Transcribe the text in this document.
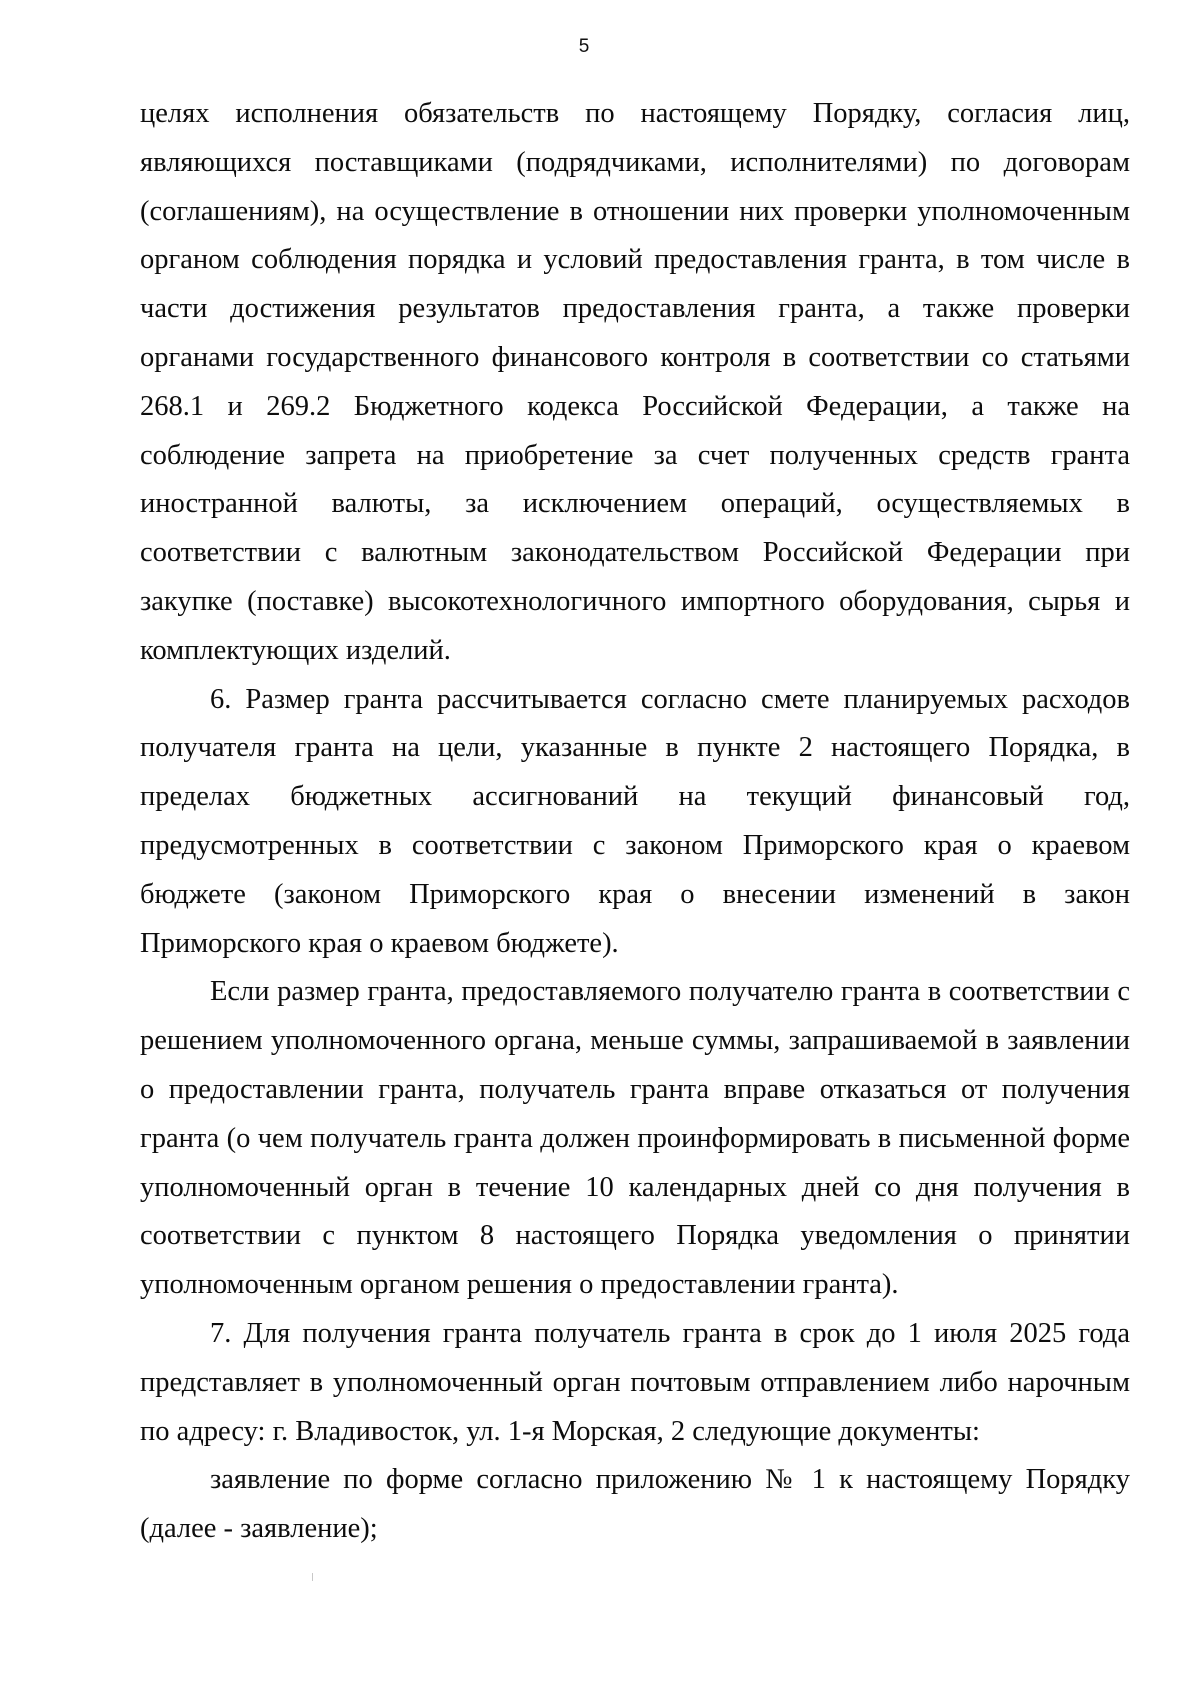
5

целях исполнения обязательств по настоящему Порядку, согласия лиц, являющихся поставщиками (подрядчиками, исполнителями) по договорам (соглашениям), на осуществление в отношении них проверки уполномоченным органом соблюдения порядка и условий предоставления гранта, в том числе в части достижения результатов предоставления гранта, а также проверки органами государственного финансового контроля в соответствии со статьями 268.1 и 269.2 Бюджетного кодекса Российской Федерации, а также на соблюдение запрета на приобретение за счет полученных средств гранта иностранной валюты, за исключением операций, осуществляемых в соответствии с валютным законодательством Российской Федерации при закупке (поставке) высокотехнологичного импортного оборудования, сырья и комплектующих изделий.

6. Размер гранта рассчитывается согласно смете планируемых расходов получателя гранта на цели, указанные в пункте 2 настоящего Порядка, в пределах бюджетных ассигнований на текущий финансовый год, предусмотренных в соответствии с законом Приморского края о краевом бюджете (законом Приморского края о внесении изменений в закон Приморского края о краевом бюджете).

Если размер гранта, предоставляемого получателю гранта в соответствии с решением уполномоченного органа, меньше суммы, запрашиваемой в заявлении о предоставлении гранта, получатель гранта вправе отказаться от получения гранта (о чем получатель гранта должен проинформировать в письменной форме уполномоченный орган в течение 10 календарных дней со дня получения в соответствии с пунктом 8 настоящего Порядка уведомления о принятии уполномоченным органом решения о предоставлении гранта).

7. Для получения гранта получатель гранта в срок до 1 июля 2025 года представляет в уполномоченный орган почтовым отправлением либо нарочным по адресу: г. Владивосток, ул. 1-я Морская, 2 следующие документы:

заявление по форме согласно приложению № 1 к настоящему Порядку (далее - заявление);
